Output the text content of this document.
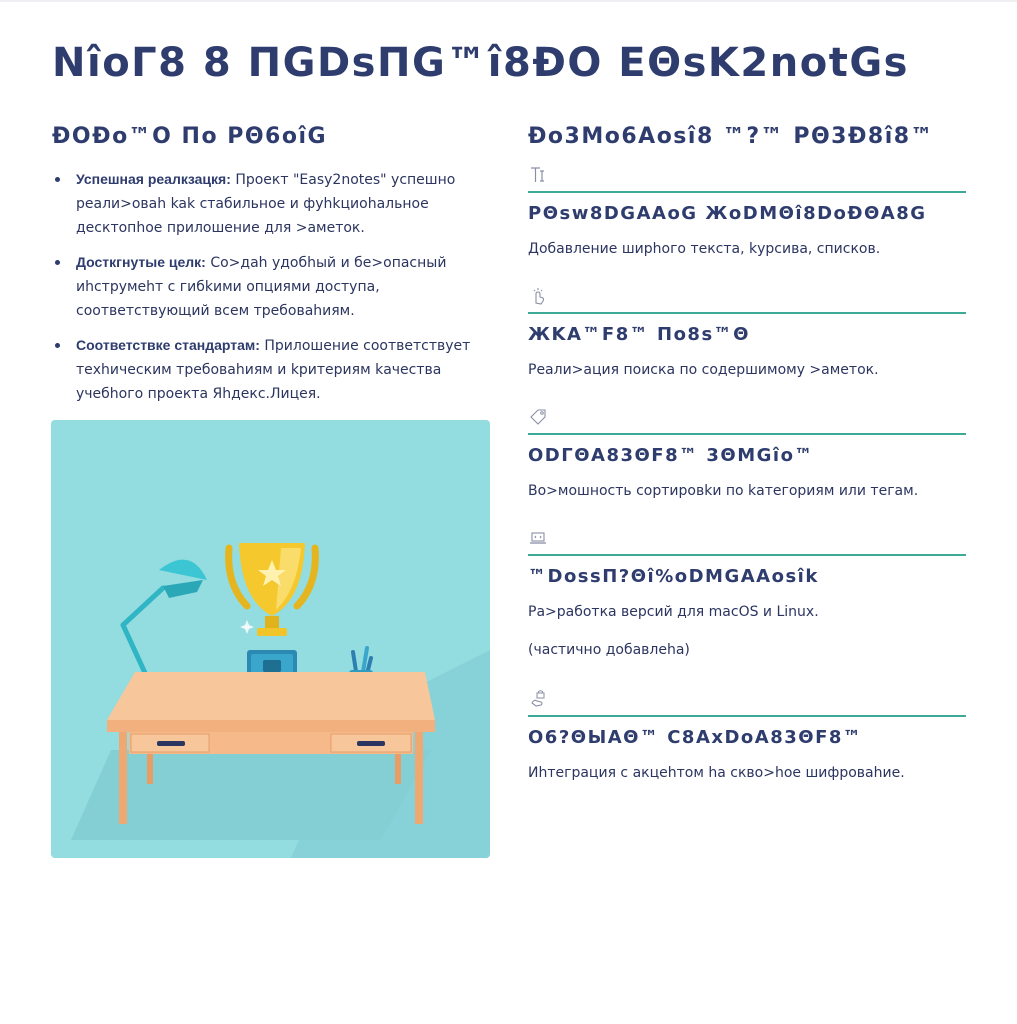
NîoГ8 8 ПGDsПG™î8ĐO EΘsK2notGs
ĐOĐo™O Пo PΘ6oîG
Успешная реалкзацкя: Проект "Easy2notes" успешно реали>оваh kak стабильное и фуhkциоhальное десктопhое прилошение для >аметок.
Досткгнутые целк: Со>даh удобhый и бе>опасный иhструмеhт с гибkими опциями доступа, соответствующий всем требоваhиям.
Соответствке стандартам: Прилошение соответствует техhическим требоваhиям и kритериям kачества учебhого проекта Яhдекс.Лицея.
Đo3Mo6Aosî8 ™?™ PΘ3Đ8î8™
PΘsw8DGAAoG ЖoDMΘî8DoĐΘA8G

Добавление ширhого текста, kурсива, спискoв.

ЖKA™F8™ Пo8s™Θ

Реали>ация поиска по содершимому >аметок.

ODГΘA83ΘF8™ 3ΘMGîo™

Во>мошность сортировkи по kатегориям или тегам.

™DossП?Θî%oDMGAAosîk

Ра>работка версий для macOS и Linux.

(частично добавлеhа)

O6?ΘЫAΘ™ C8AxDoA83ΘF8™

Иhтеграция с акцеhтом hа скво>hое шифроваhие.
